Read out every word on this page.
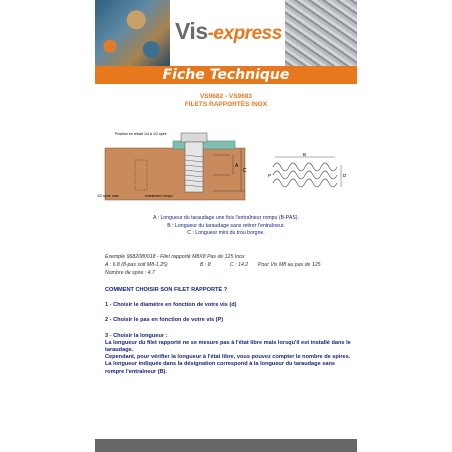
Vis-express
Fiche Technique
VS9682 - VS9683
FILETS RAPPORTÉS INOX
A
C
Position en retrait 1/4 à 1/2 spire
1/2 spire max.	entraîneur rompu
B
D
P
A : Longueur du taraudage une fois l'entraîneur rompu (B-PAS).
B : Longueur du taraudage sans retirer l'entraîneur.
C : Longueur mini du trou borgne.
Exemple 9682080018 - Filet rapporté M8X8 Pas de 125 Inox
A : 6.8 (8-pas soit M8-1.25)	B : 8	C : 14.2	Pour Vis M8 au pas de 125
Nombre de spire : 4.7

COMMENT CHOISIR SON FILET RAPPORTÉ ?

1 - Choisir le diamètre en fonction de votre vis (d)

2 - Choisir le pas en fonction de votre vis (P)

3 - Choisir la longueur :
La longueur du filet rapporté ne se mesure pas à l'état libre mais lorsqu'il est installé dans le taraudage.
Cependant, pour vérifier la longueur à l'état libre, vous pouvez compter le nombre de spires.
La longueur indiquée dans la désignation correspond à la longueur du taraudage sans rompre l'entraîneur (B).
